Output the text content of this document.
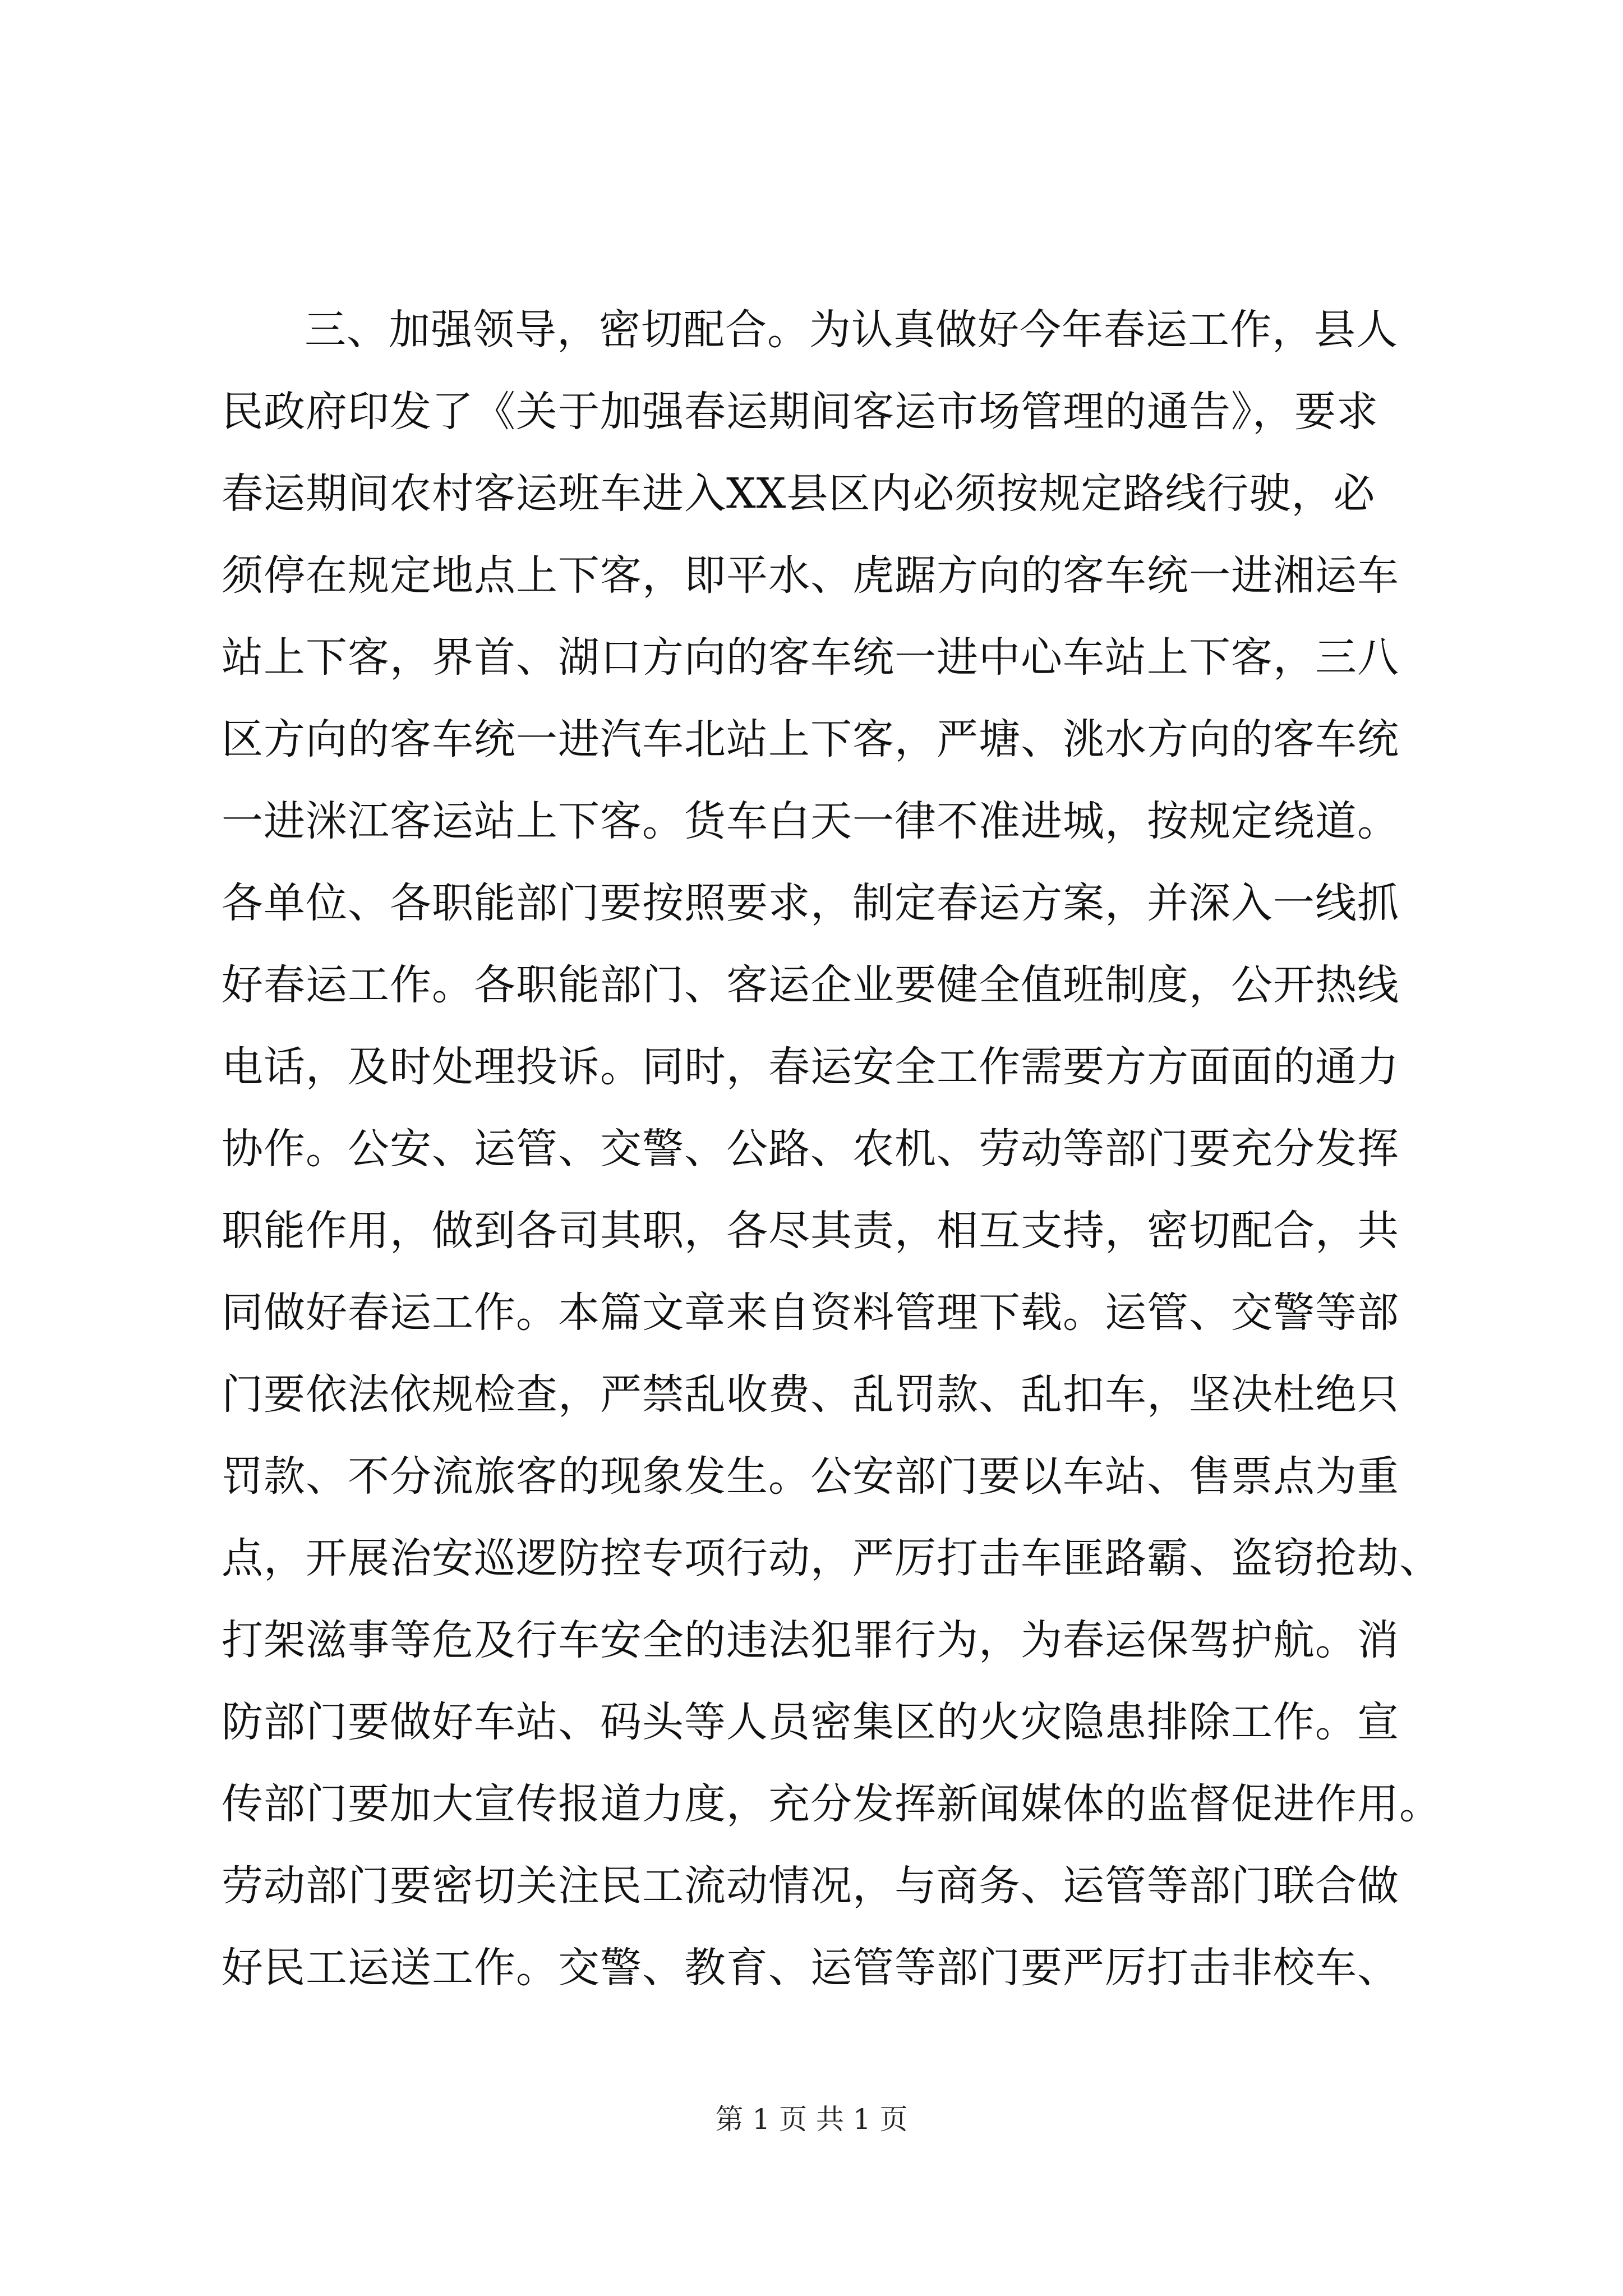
三、加强领导，密切配合。为认真做好今年春运工作，县人
民政府印发了《关于加强春运期间客运市场管理的通告》，要求
春运期间农村客运班车进入XX县区内必须按规定路线行驶，必
须停在规定地点上下客，即平水、虎踞方向的客车统一进湘运车
站上下客，界首、湖口方向的客车统一进中心车站上下客，三八
区方向的客车统一进汽车北站上下客，严塘、洮水方向的客车统
一进洣江客运站上下客。货车白天一律不准进城，按规定绕道。
各单位、各职能部门要按照要求，制定春运方案，并深入一线抓
好春运工作。各职能部门、客运企业要健全值班制度，公开热线
电话，及时处理投诉。同时，春运安全工作需要方方面面的通力
协作。公安、运管、交警、公路、农机、劳动等部门要充分发挥
职能作用，做到各司其职，各尽其责，相互支持，密切配合，共
同做好春运工作。本篇文章来自资料管理下载。运管、交警等部
门要依法依规检查，严禁乱收费、乱罚款、乱扣车，坚决杜绝只
罚款、不分流旅客的现象发生。公安部门要以车站、售票点为重
点，开展治安巡逻防控专项行动，严厉打击车匪路霸、盗窃抢劫、
打架滋事等危及行车安全的违法犯罪行为，为春运保驾护航。消
防部门要做好车站、码头等人员密集区的火灾隐患排除工作。宣
传部门要加大宣传报道力度，充分发挥新闻媒体的监督促进作用。
劳动部门要密切关注民工流动情况，与商务、运管等部门联合做
好民工运送工作。交警、教育、运管等部门要严厉打击非校车、
第 1 页 共 1 页
